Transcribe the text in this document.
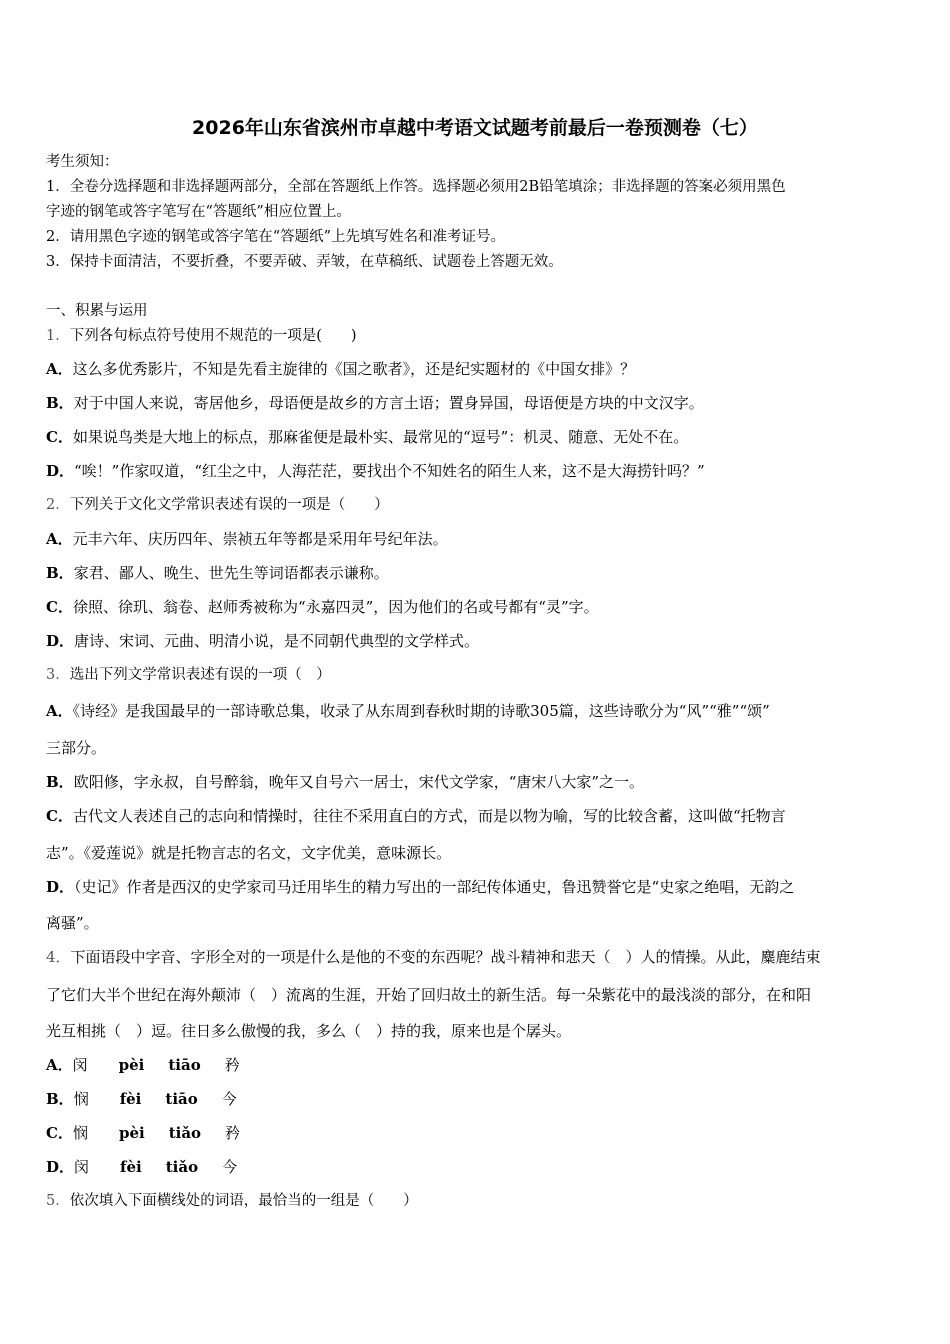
2026年山东省滨州市卓越中考语文试题考前最后一卷预测卷（七）
考生须知：
1．全卷分选择题和非选择题两部分，全部在答题纸上作答。选择题必须用2B铅笔填涂；非选择题的答案必须用黑色
字迹的钢笔或答字笔写在“答题纸”相应位置上。
2．请用黑色字迹的钢笔或答字笔在“答题纸”上先填写姓名和准考证号。
3．保持卡面清洁，不要折叠，不要弄破、弄皱，在草稿纸、试题卷上答题无效。
一、积累与运用
1．下列各句标点符号使用不规范的一项是(　　)
A．这么多优秀影片，不知是先看主旋律的《国之歌者》，还是纪实题材的《中国女排》？
B．对于中国人来说，寄居他乡，母语便是故乡的方言土语；置身异国，母语便是方块的中文汉字。
C．如果说鸟类是大地上的标点，那麻雀便是最朴实、最常见的“逗号”：机灵、随意、无处不在。
D．“唉！”作家叹道，“红尘之中，人海茫茫，要找出个不知姓名的陌生人来，这不是大海捞针吗？”
2．下列关于文化文学常识表述有误的一项是（　　）
A．元丰六年、庆历四年、崇祯五年等都是采用年号纪年法。
B．家君、鄙人、晚生、世先生等词语都表示谦称。
C．徐照、徐玑、翁卷、赵师秀被称为“永嘉四灵”，因为他们的名或号都有“灵”字。
D．唐诗、宋词、元曲、明清小说，是不同朝代典型的文学样式。
3．选出下列文学常识表述有误的一项（　）
A．《诗经》是我国最早的一部诗歌总集，收录了从东周到春秋时期的诗歌305篇，这些诗歌分为“风”“雅”“颂”
三部分。
B．欧阳修，字永叔，自号醉翁，晚年又自号六一居士，宋代文学家，“唐宋八大家”之一。
C．古代文人表述自己的志向和情操时，往往不采用直白的方式，而是以物为喻，写的比较含蓄，这叫做“托物言
志”。《爱莲说》就是托物言志的名文，文字优美，意味源长。
D．（史记》作者是西汉的史学家司马迁用毕生的精力写出的一部纪传体通史，鲁迅赞誉它是“史家之绝唱，无韵之
离骚”。
4．下面语段中字音、字形全对的一项是什么是他的不变的东西呢？战斗精神和悲天（　）人的情操。从此，麋鹿结束
了它们大半个世纪在海外颠沛（　）流离的生涯，开始了回归故土的新生活。每一朵紫花中的最浅淡的部分，在和阳
光互相挑（　）逗。往日多么傲慢的我，多么（　）持的我，原来也是个孱头。
A．闵 pèi tiāo 矜
B．悯 fèi tiāo 今
C．悯 pèi tiǎo 矜
D．闵 fèi tiǎo 今
5．依次填入下面横线处的词语，最恰当的一组是（　　）
